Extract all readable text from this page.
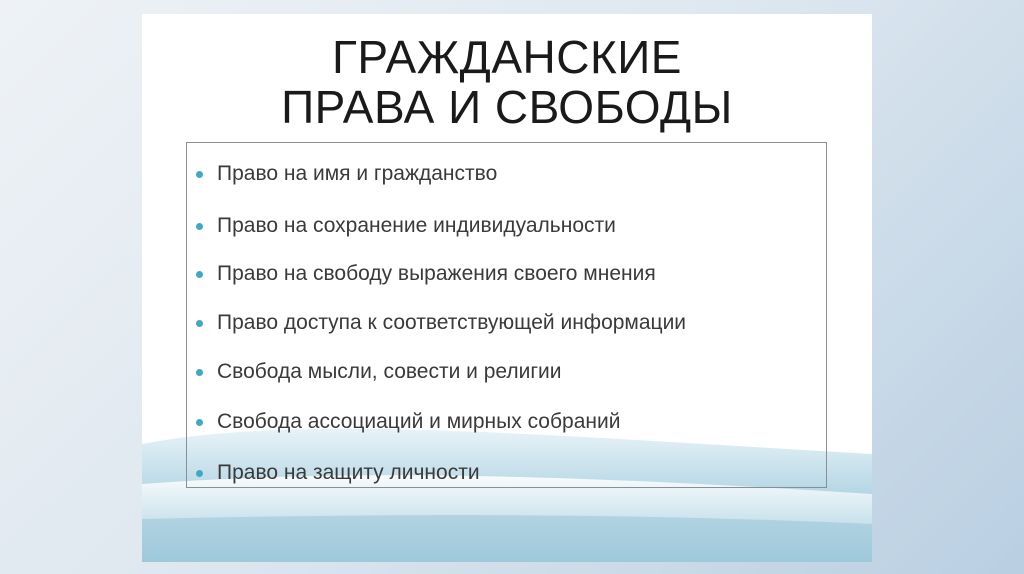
ГРАЖДАНСКИЕ
ПРАВА И СВОБОДЫ
Право на имя и гражданство
Право на сохранение индивидуальности
Право на свободу выражения своего мнения
Право доступа к соответствующей информации
Свобода мысли, совести и религии
Свобода ассоциаций и мирных собраний
Право на защиту личности
